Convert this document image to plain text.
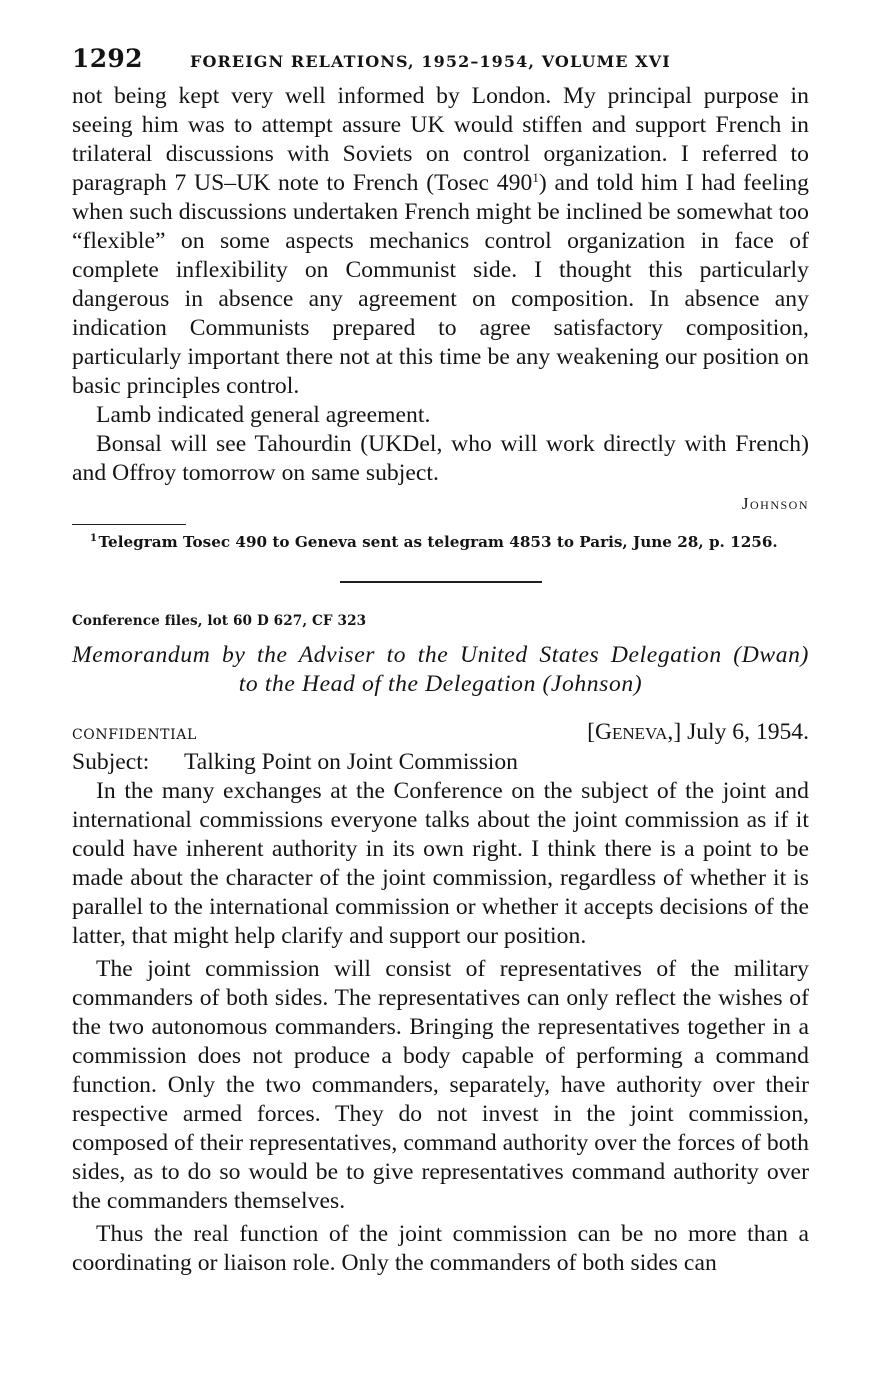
1292	FOREIGN RELATIONS, 1952–1954, VOLUME XVI

not being kept very well informed by London. My principal purpose in seeing him was to attempt assure UK would stiffen and support French in trilateral discussions with Soviets on control organization. I referred to paragraph 7 US–UK note to French (Tosec 490$^1$) and told him I had feeling when such discussions undertaken French might be inclined be somewhat too “flexible” on some aspects mechanics control organization in face of complete inflexibility on Communist side. I thought this particularly dangerous in absence any agreement on composition. In absence any indication Communists prepared to agree satisfactory composition, particularly important there not at this time be any weakening our position on basic principles control.

Lamb indicated general agreement.

Bonsal will see Tahourdin (UKDel, who will work directly with French) and Offroy tomorrow on same subject.

Johnson
$^1$ Telegram Tosec 490 to Geneva sent as telegram 4853 to Paris, June 28, p. 1256.
Conference files, lot 60 D 627, CF 323
Memorandum by the Adviser to the United States Delegation (Dwan)
to the Head of the Delegation (Johnson)
CONFIDENTIAL	[Geneva,] July 6, 1954.
Subject: Talking Point on Joint Commission

In the many exchanges at the Conference on the subject of the joint and international commissions everyone talks about the joint commission as if it could have inherent authority in its own right. I think there is a point to be made about the character of the joint commission, regardless of whether it is parallel to the international commission or whether it accepts decisions of the latter, that might help clarify and support our position.

The joint commission will consist of representatives of the military commanders of both sides. The representatives can only reflect the wishes of the two autonomous commanders. Bringing the representatives together in a commission does not produce a body capable of performing a command function. Only the two commanders, separately, have authority over their respective armed forces. They do not invest in the joint commission, composed of their representatives, command authority over the forces of both sides, as to do so would be to give representatives command authority over the commanders themselves.

Thus the real function of the joint commission can be no more than a coordinating or liaison role. Only the commanders of both sides can
